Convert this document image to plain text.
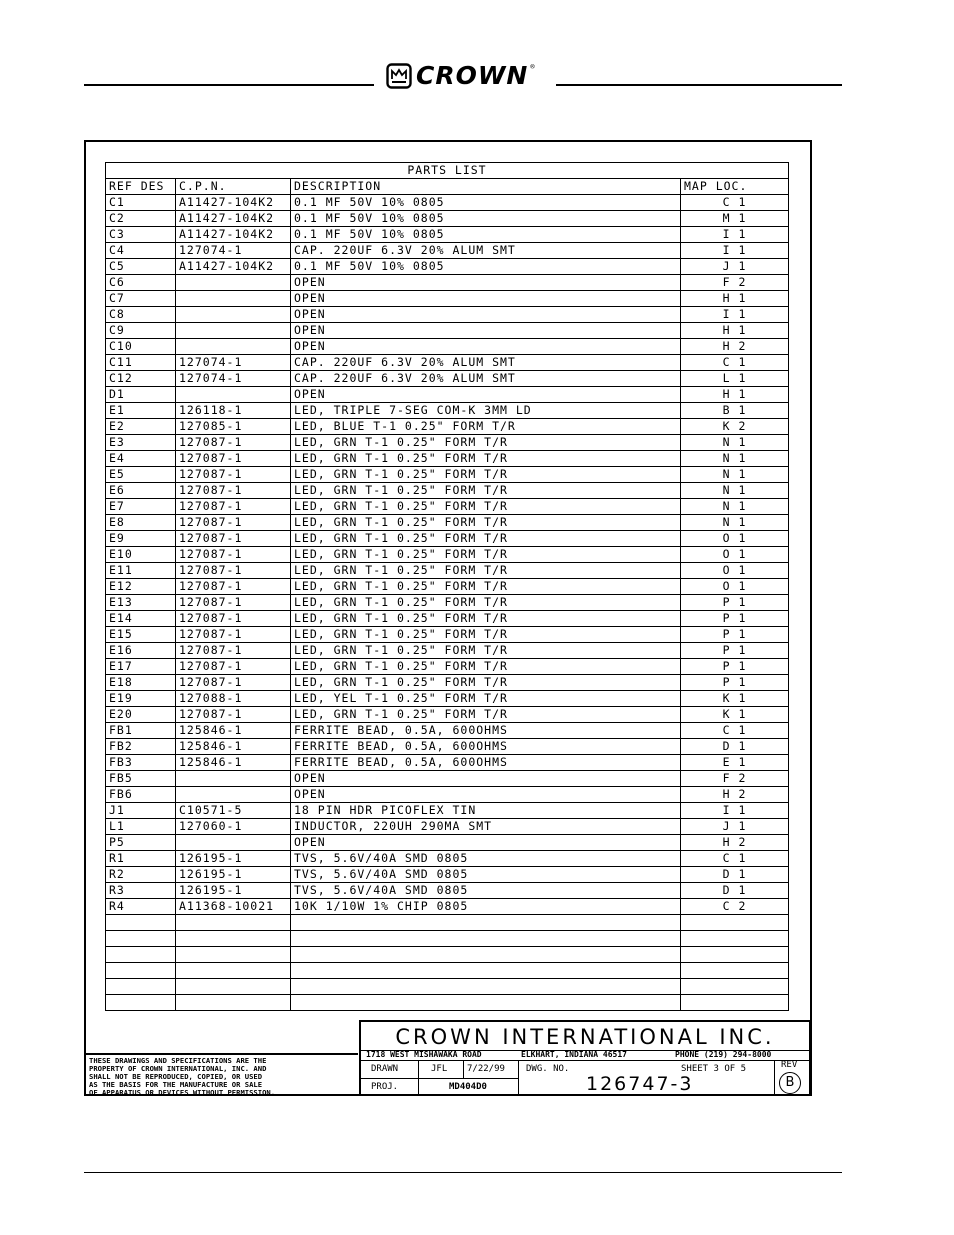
CROWN ®
PARTS LIST			
REF DES	C.P.N.	DESCRIPTION	MAP LOC.
C1	A11427-104K2	0.1 MF 50V 10% 0805	C 1
C2	A11427-104K2	0.1 MF 50V 10% 0805	M 1
C3	A11427-104K2	0.1 MF 50V 10% 0805	I 1
C4	127074-1	CAP. 220UF 6.3V 20% ALUM SMT	I 1
C5	A11427-104K2	0.1 MF 50V 10% 0805	J 1
C6		OPEN	F 2
C7		OPEN	H 1
C8		OPEN	I 1
C9		OPEN	H 1
C10		OPEN	H 2
C11	127074-1	CAP. 220UF 6.3V 20% ALUM SMT	C 1
C12	127074-1	CAP. 220UF 6.3V 20% ALUM SMT	L 1
D1		OPEN	H 1
E1	126118-1	LED, TRIPLE 7-SEG COM-K 3MM LD	B 1
E2	127085-1	LED, BLUE T-1 0.25" FORM T/R	K 2
E3	127087-1	LED, GRN T-1 0.25" FORM T/R	N 1
E4	127087-1	LED, GRN T-1 0.25" FORM T/R	N 1
E5	127087-1	LED, GRN T-1 0.25" FORM T/R	N 1
E6	127087-1	LED, GRN T-1 0.25" FORM T/R	N 1
E7	127087-1	LED, GRN T-1 0.25" FORM T/R	N 1
E8	127087-1	LED, GRN T-1 0.25" FORM T/R	N 1
E9	127087-1	LED, GRN T-1 0.25" FORM T/R	O 1
E10	127087-1	LED, GRN T-1 0.25" FORM T/R	O 1
E11	127087-1	LED, GRN T-1 0.25" FORM T/R	O 1
E12	127087-1	LED, GRN T-1 0.25" FORM T/R	O 1
E13	127087-1	LED, GRN T-1 0.25" FORM T/R	P 1
E14	127087-1	LED, GRN T-1 0.25" FORM T/R	P 1
E15	127087-1	LED, GRN T-1 0.25" FORM T/R	P 1
E16	127087-1	LED, GRN T-1 0.25" FORM T/R	P 1
E17	127087-1	LED, GRN T-1 0.25" FORM T/R	P 1
E18	127087-1	LED, GRN T-1 0.25" FORM T/R	P 1
E19	127088-1	LED, YEL T-1 0.25" FORM T/R	K 1
E20	127087-1	LED, GRN T-1 0.25" FORM T/R	K 1
FB1	125846-1	FERRITE BEAD, 0.5A, 600OHMS	C 1
FB2	125846-1	FERRITE BEAD, 0.5A, 600OHMS	D 1
FB3	125846-1	FERRITE BEAD, 0.5A, 600OHMS	E 1
FB5		OPEN	F 2
FB6		OPEN	H 2
J1	C10571-5	18 PIN HDR PICOFLEX TIN	I 1
L1	127060-1	INDUCTOR, 220UH 290MA SMT	J 1
P5		OPEN	H 2
R1	126195-1	TVS, 5.6V/40A SMD 0805	C 1
R2	126195-1	TVS, 5.6V/40A SMD 0805	D 1
R3	126195-1	TVS, 5.6V/40A SMD 0805	D 1
R4	A11368-10021	10K 1/10W 1% CHIP 0805	C 2

THESE DRAWINGS AND SPECIFICATIONS ARE THE
PROPERTY OF CROWN INTERNATIONAL, INC. AND
SHALL NOT BE REPRODUCED, COPIED, OR USED
AS THE BASIS FOR THE MANUFACTURE OR SALE
OF APPARATUS OR DEVICES WITHOUT PERMISSION.
CROWN INTERNATIONAL INC.
1718 WEST MISHAWAKA ROAD	ELKHART, INDIANA 46517	PHONE (219) 294-8000
DRAWN	JFL 7/22/99
PROJ.	MD404D0
DWG. NO.	SHEET 3 OF 5	REV
126747-3	B
